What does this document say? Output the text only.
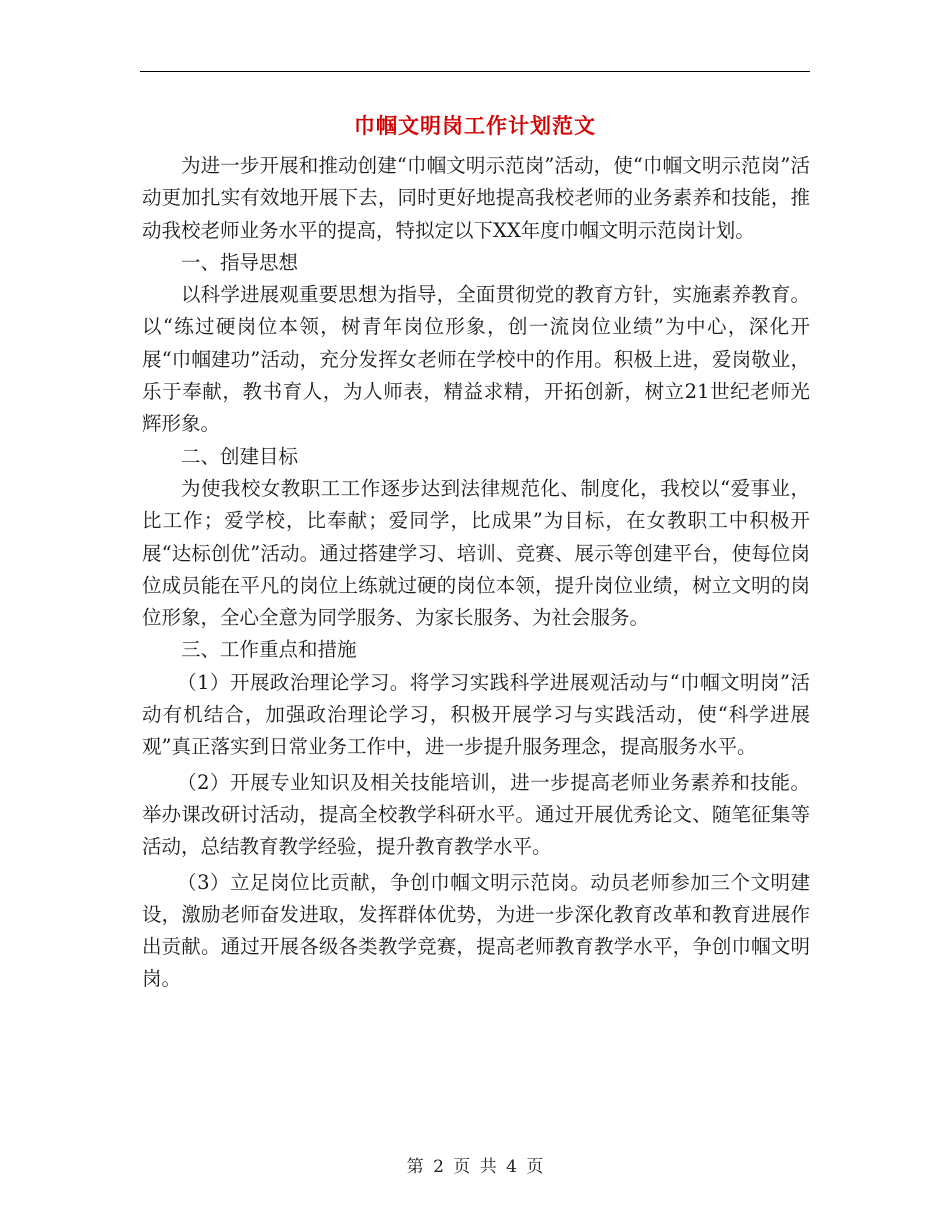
巾帼文明岗工作计划范文

为进一步开展和推动创建“巾帼文明示范岗”活动，使“巾帼文明示范岗”活动更加扎实有效地开展下去，同时更好地提高我校老师的业务素养和技能，推动我校老师业务水平的提高，特拟定以下XX年度巾帼文明示范岗计划。

一、指导思想

以科学进展观重要思想为指导，全面贯彻党的教育方针，实施素养教育。以“练过硬岗位本领，树青年岗位形象，创一流岗位业绩”为中心，深化开展“巾帼建功”活动，充分发挥女老师在学校中的作用。积极上进，爱岗敬业，乐于奉献，教书育人，为人师表，精益求精，开拓创新，树立21世纪老师光辉形象。

二、创建目标

为使我校女教职工工作逐步达到法律规范化、制度化，我校以“爱事业，比工作；爱学校，比奉献；爱同学，比成果”为目标，在女教职工中积极开展“达标创优”活动。通过搭建学习、培训、竞赛、展示等创建平台，使每位岗位成员能在平凡的岗位上练就过硬的岗位本领，提升岗位业绩，树立文明的岗位形象，全心全意为同学服务、为家长服务、为社会服务。

三、工作重点和措施

（1）开展政治理论学习。将学习实践科学进展观活动与“巾帼文明岗”活动有机结合，加强政治理论学习，积极开展学习与实践活动，使“科学进展观”真正落实到日常业务工作中，进一步提升服务理念，提高服务水平。

（2）开展专业知识及相关技能培训，进一步提高老师业务素养和技能。举办课改研讨活动，提高全校教学科研水平。通过开展优秀论文、随笔征集等活动，总结教育教学经验，提升教育教学水平。

（3）立足岗位比贡献，争创巾帼文明示范岗。动员老师参加三个文明建设，激励老师奋发进取，发挥群体优势，为进一步深化教育改革和教育进展作出贡献。通过开展各级各类教学竞赛，提高老师教育教学水平，争创巾帼文明岗。

第 2 页 共 4 页
